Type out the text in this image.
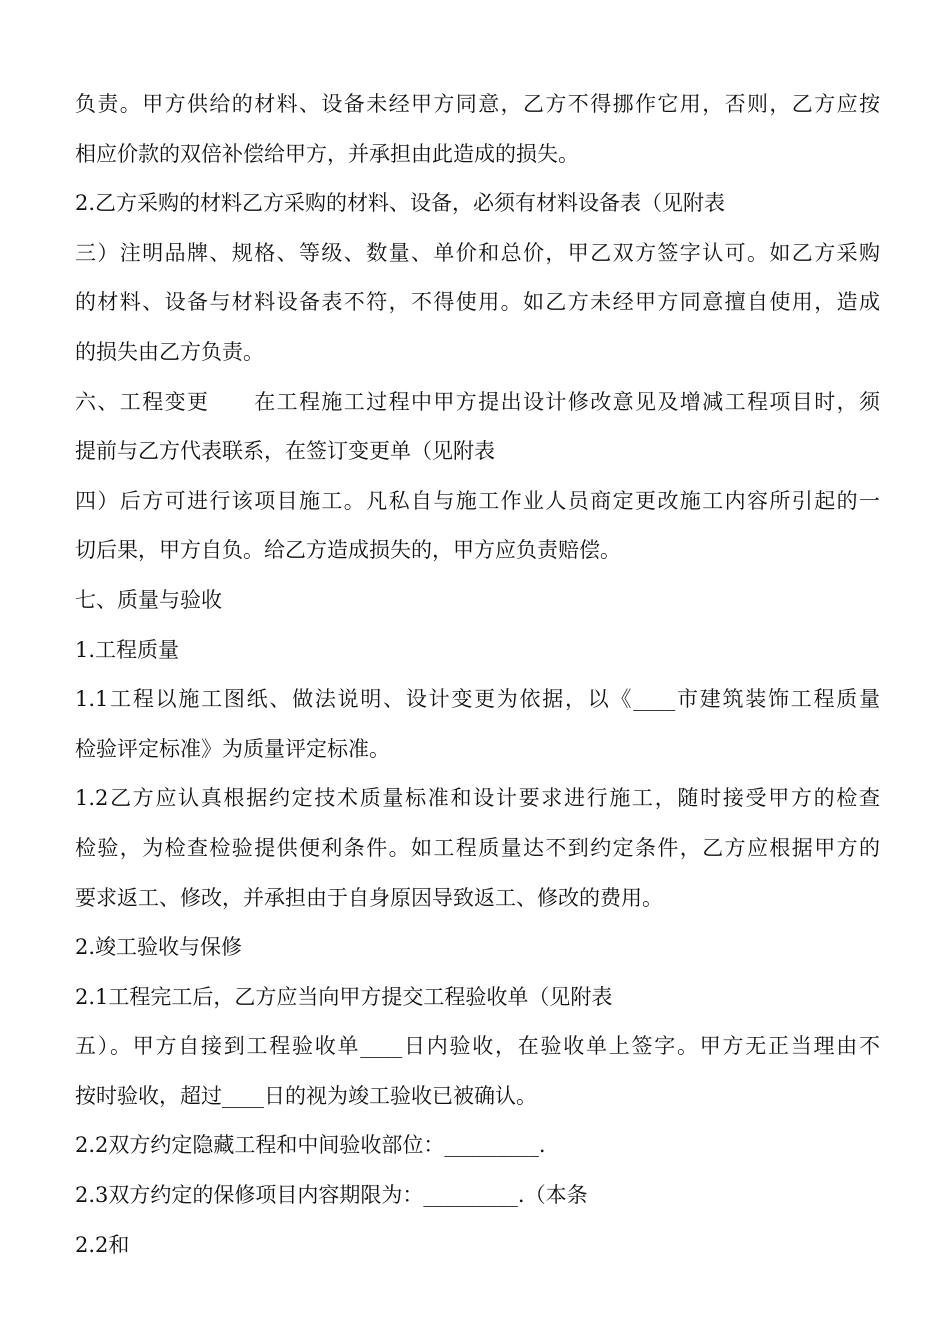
负责。甲方供给的材料、设备未经甲方同意，乙方不得挪作它用，否则，乙方应按
相应价款的双倍补偿给甲方，并承担由此造成的损失。
2.乙方采购的材料乙方采购的材料、设备，必须有材料设备表（见附表
三）注明品牌、规格、等级、数量、单价和总价，甲乙双方签字认可。如乙方采购
的材料、设备与材料设备表不符，不得使用。如乙方未经甲方同意擅自使用，造成
的损失由乙方负责。
六、工程变更　　在工程施工过程中甲方提出设计修改意见及增减工程项目时，须
提前与乙方代表联系，在签订变更单（见附表
四）后方可进行该项目施工。凡私自与施工作业人员商定更改施工内容所引起的一
切后果，甲方自负。给乙方造成损失的，甲方应负责赔偿。
七、质量与验收
1.工程质量
1.1工程以施工图纸、做法说明、设计变更为依据，以《____市建筑装饰工程质量
检验评定标准》为质量评定标准。
1.2乙方应认真根据约定技术质量标准和设计要求进行施工，随时接受甲方的检查
检验，为检查检验提供便利条件。如工程质量达不到约定条件，乙方应根据甲方的
要求返工、修改，并承担由于自身原因导致返工、修改的费用。
2.竣工验收与保修
2.1工程完工后，乙方应当向甲方提交工程验收单（见附表
五）。甲方自接到工程验收单____日内验收，在验收单上签字。甲方无正当理由不
按时验收，超过____日的视为竣工验收已被确认。
2.2双方约定隐藏工程和中间验收部位：_________.
2.3双方约定的保修项目内容期限为：_________.（本条
2.2和
